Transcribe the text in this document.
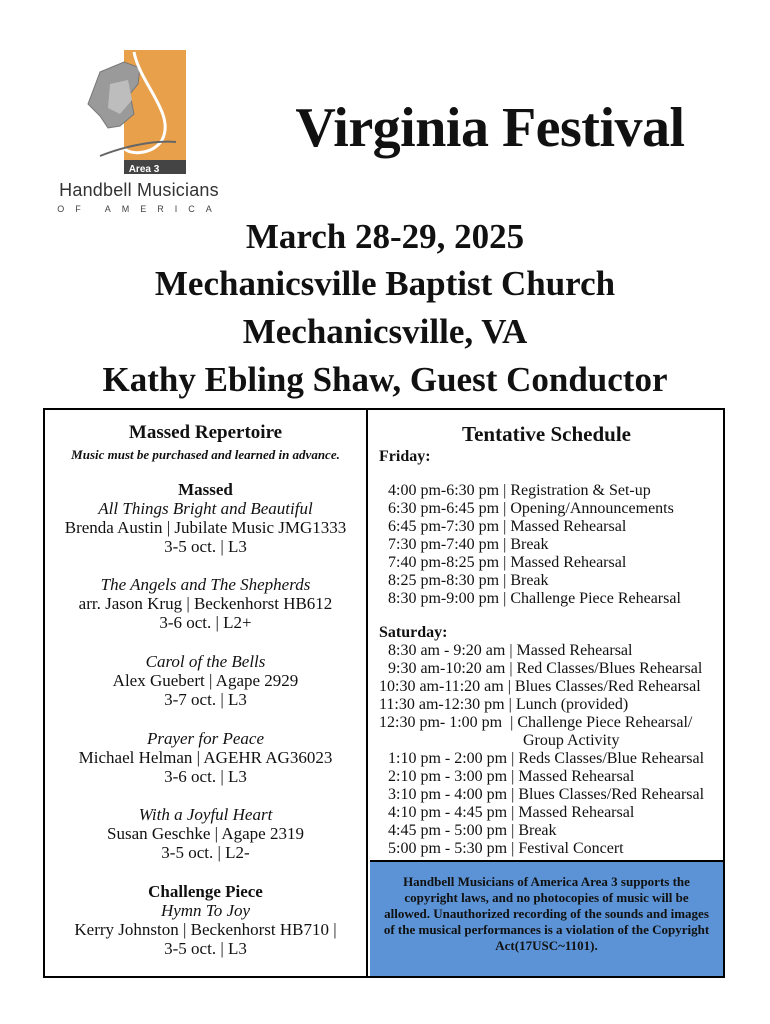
Area 3
Handbell Musicians
OF AMERICA
Virginia Festival
March 28-29, 2025
Mechanicsville Baptist Church
Mechanicsville, VA
Kathy Ebling Shaw, Guest Conductor
Massed Repertoire
Music must be purchased and learned in advance.
Massed
All Things Bright and Beautiful
Brenda Austin | Jubilate Music JMG1333
3-5 oct. | L3
The Angels and The Shepherds
arr. Jason Krug | Beckenhorst HB612
3-6 oct. | L2+
Carol of the Bells
Alex Guebert | Agape 2929
3-7 oct. | L3
Prayer for Peace
Michael Helman | AGEHR AG36023
3-6 oct. | L3
With a Joyful Heart
Susan Geschke | Agape 2319
3-5 oct. | L2-
Challenge Piece
Hymn To Joy
Kerry Johnston | Beckenhorst HB710 |
3-5 oct. | L3
Tentative Schedule
Friday:
4:00 pm-6:30 pm | Registration & Set-up
6:30 pm-6:45 pm | Opening/Announcements
6:45 pm-7:30 pm | Massed Rehearsal
7:30 pm-7:40 pm | Break
7:40 pm-8:25 pm | Massed Rehearsal
8:25 pm-8:30 pm | Break
8:30 pm-9:00 pm | Challenge Piece Rehearsal
Saturday:
8:30 am - 9:20 am | Massed Rehearsal
9:30 am-10:20 am | Red Classes/Blues Rehearsal
10:30 am-11:20 am | Blues Classes/Red Rehearsal
11:30 am-12:30 pm | Lunch (provided)
12:30 pm- 1:00 pm  | Challenge Piece Rehearsal/
Group Activity
1:10 pm - 2:00 pm | Reds Classes/Blue Rehearsal
2:10 pm - 3:00 pm | Massed Rehearsal
3:10 pm - 4:00 pm | Blues Classes/Red Rehearsal
4:10 pm - 4:45 pm | Massed Rehearsal
4:45 pm - 5:00 pm | Break
5:00 pm - 5:30 pm | Festival Concert
Handbell Musicians of America Area 3 supports the copyright laws, and no photocopies of music will be allowed. Unauthorized recording of the sounds and images of the musical performances is a violation of the Copyright Act(17USC~1101).
